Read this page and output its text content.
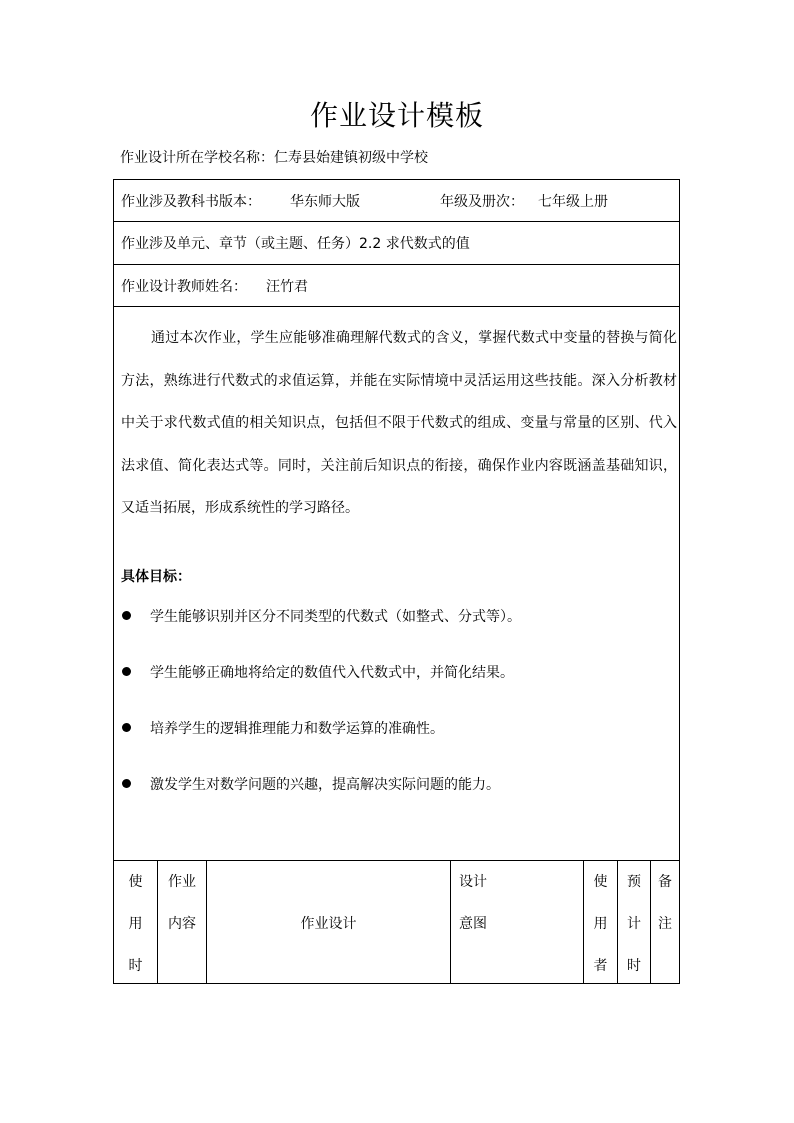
作业设计模板
作业设计所在学校名称：仁寿县始建镇初级中学校
作业涉及教科书版本： 华东师大版	年级及册次： 七年级上册
作业涉及单元、章节（或主题、任务）2.2 求代数式的值
作业设计教师姓名： 汪竹君
通过本次作业，学生应能够准确理解代数式的含义，掌握代数式中变量的替换与简化方法，熟练进行代数式的求值运算，并能在实际情境中灵活运用这些技能。深入分析教材中关于求代数式值的相关知识点，包括但不限于代数式的组成、变量与常量的区别、代入法求值、简化表达式等。同时，关注前后知识点的衔接，确保作业内容既涵盖基础知识，又适当拓展，形成系统性的学习路径。
具体目标：
学生能够识别并区分不同类型的代数式（如整式、分式等）。
学生能够正确地将给定的数值代入代数式中，并简化结果。
培养学生的逻辑推理能力和数学运算的准确性。
激发学生对数学问题的兴趣，提高解决实际问题的能力。
使
用
时
作业
内容	作业设计
设计
意图
使
用
者
预
计
时
备
注
